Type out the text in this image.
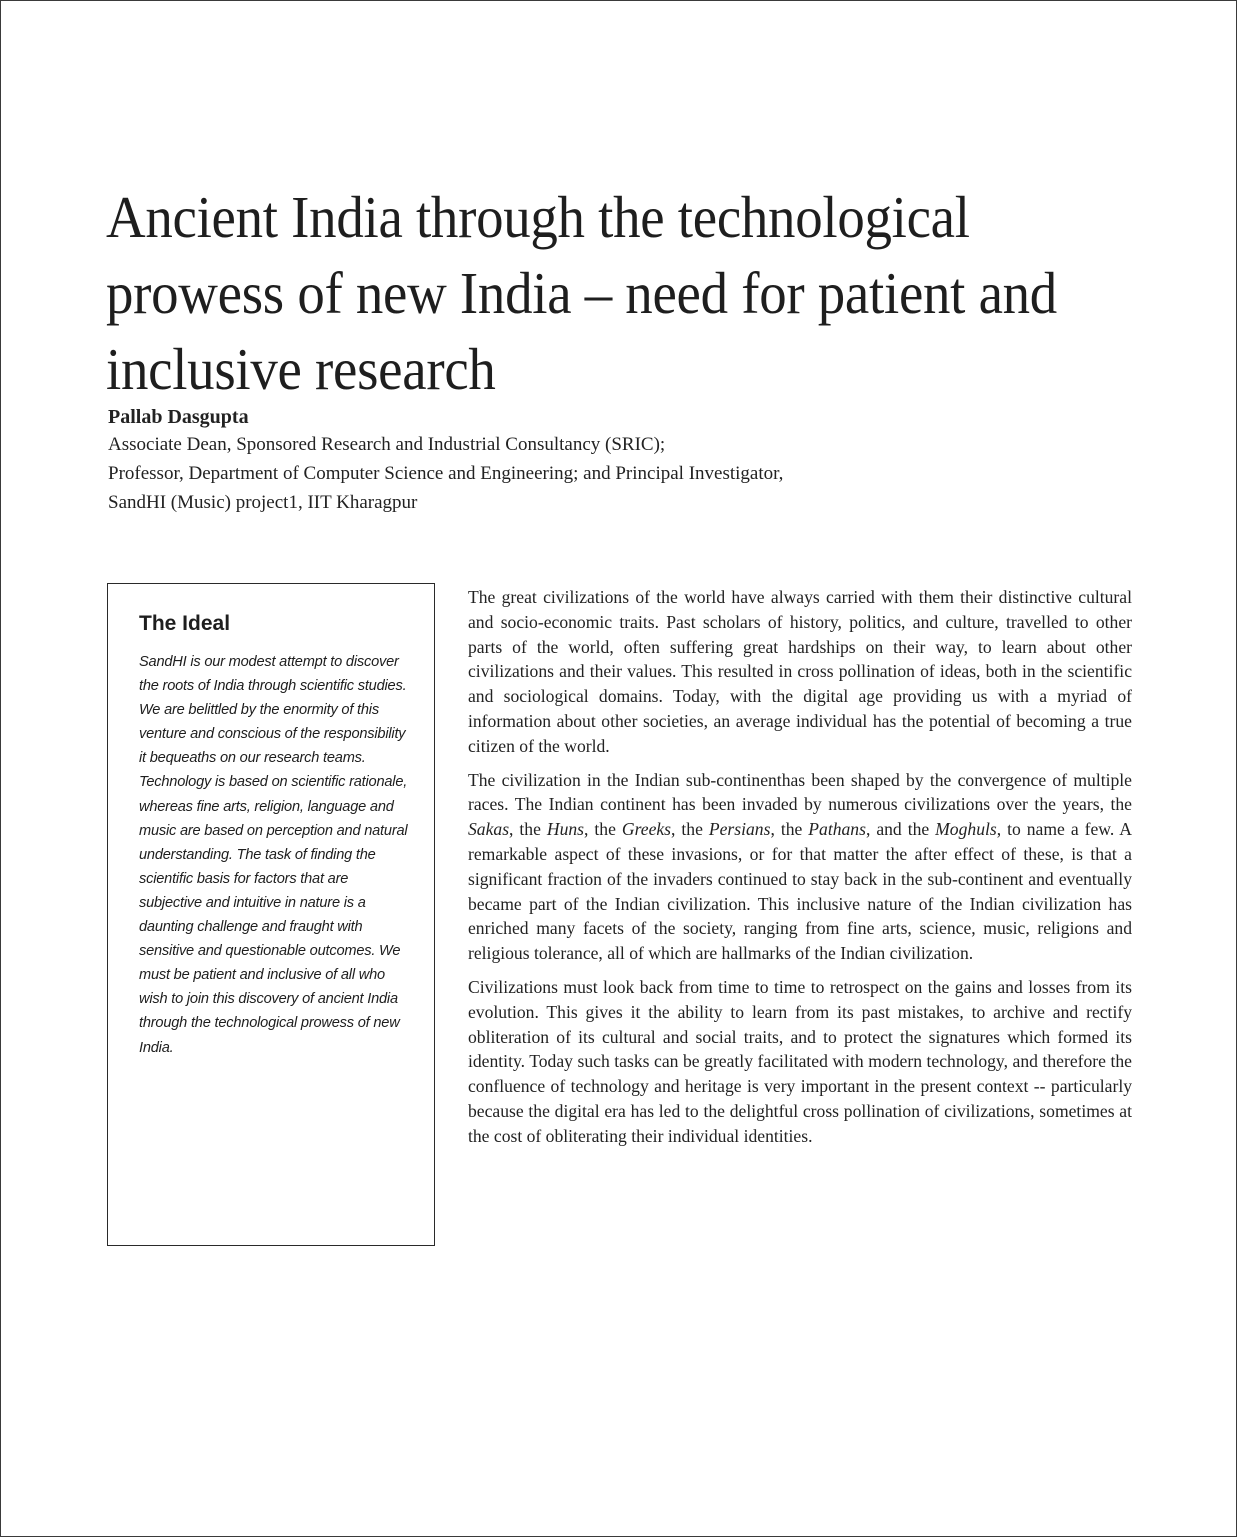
Ancient India through the technological prowess of new India – need for patient and inclusive research

Pallab Dasgupta

Associate Dean, Sponsored Research and Industrial Consultancy (SRIC);

Professor, Department of Computer Science and Engineering; and Principal Investigator,

SandHI (Music) project1, IIT Kharagpur

The Ideal

SandHI is our modest attempt to discover the roots of India through scientific studies. We are belittled by the enormity of this venture and conscious of the responsibility it bequeaths on our research teams. Technology is based on scientific rationale, whereas fine arts, religion, language and music are based on perception and natural understanding. The task of finding the scientific basis for factors that are subjective and intuitive in nature is a daunting challenge and fraught with sensitive and questionable outcomes. We must be patient and inclusive of all who wish to join this discovery of ancient India through the technological prowess of new India.

The great civilizations of the world have always carried with them their distinctive cultural and socio-economic traits. Past scholars of history, politics, and culture, travelled to other parts of the world, often suffering great hardships on their way, to learn about other civilizations and their values. This resulted in cross pollination of ideas, both in the scientific and sociological domains. Today, with the digital age providing us with a myriad of information about other societies, an average individual has the potential of becoming a true citizen of the world.

The civilization in the Indian sub-continenthas been shaped by the convergence of multiple races. The Indian continent has been invaded by numerous civilizations over the years, the Sakas, the Huns, the Greeks, the Persians, the Pathans, and the Moghuls, to name a few. A remarkable aspect of these invasions, or for that matter the after effect of these, is that a significant fraction of the invaders continued to stay back in the sub-continent and eventually became part of the Indian civilization. This inclusive nature of the Indian civilization has enriched many facets of the society, ranging from fine arts, science, music, religions and religious tolerance, all of which are hallmarks of the Indian civilization.

Civilizations must look back from time to time to retrospect on the gains and losses from its evolution. This gives it the ability to learn from its past mistakes, to archive and rectify obliteration of its cultural and social traits, and to protect the signatures which formed its identity. Today such tasks can be greatly facilitated with modern technology, and therefore the confluence of technology and heritage is very important in the present context -- particularly because the digital era has led to the delightful cross pollination of civilizations, sometimes at the cost of obliterating their individual identities.
